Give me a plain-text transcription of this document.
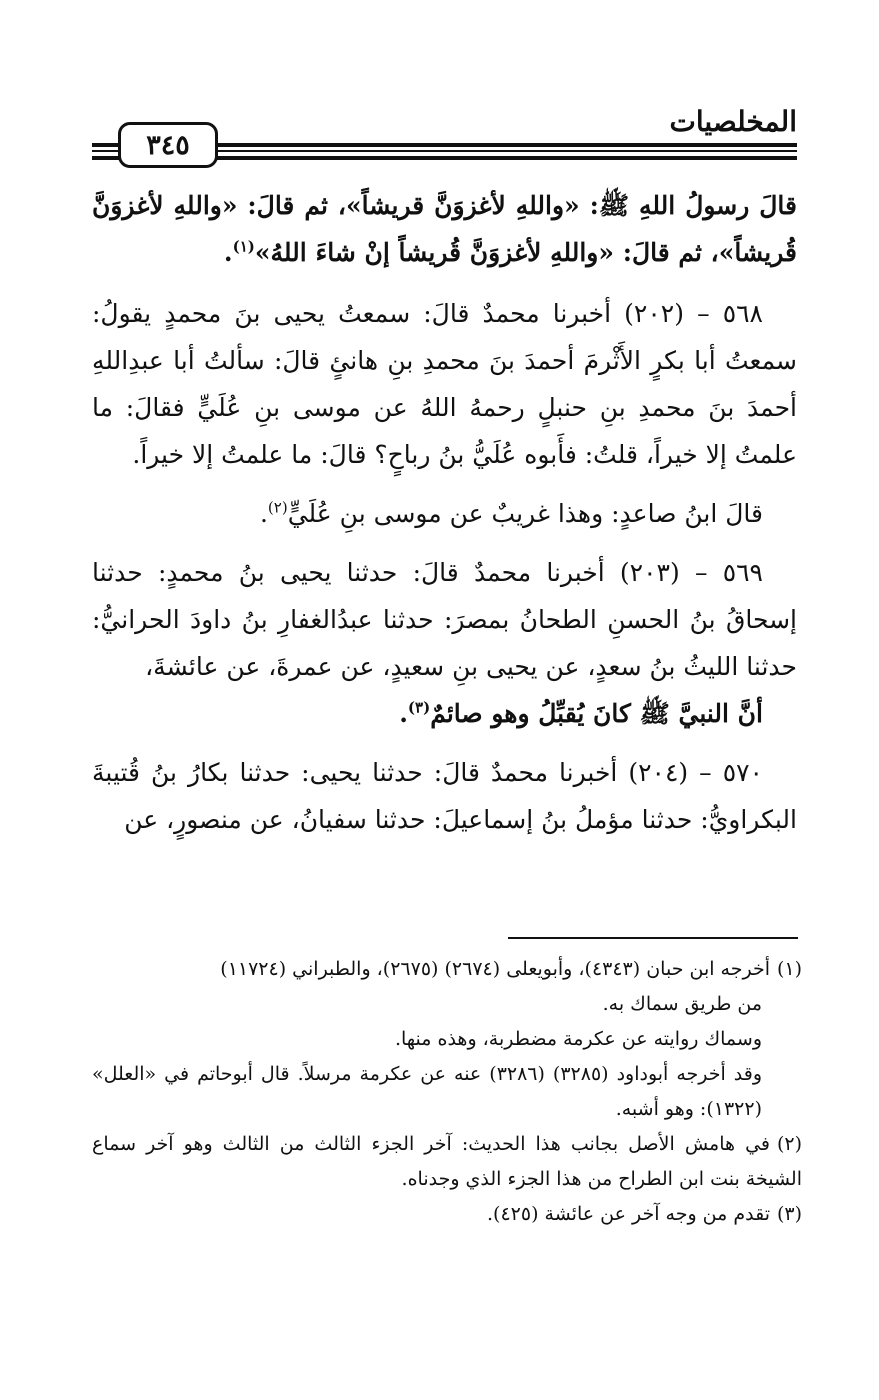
المخلصيات
٣٤٥

قالَ رسولُ اللهِ ﷺ: «واللهِ لأغزوَنَّ قريشاً»، ثم قالَ: «واللهِ لأغزوَنَّ قُريشاً»، ثم قالَ: «واللهِ لأغزوَنَّ قُريشاً إنْ شاءَ اللهُ»$^{(١)}$.

٥٦٨ – (٢٠٢) أخبرنا محمدٌ قالَ: سمعتُ يحيى بنَ محمدٍ يقولُ: سمعتُ أبا بكرٍ الأَثْرمَ أحمدَ بنَ محمدِ بنِ هانئٍ قالَ: سألتُ أبا عبدِاللهِ أحمدَ بنَ محمدِ بنِ حنبلٍ رحمهُ اللهُ عن موسى بنِ عُلَيٍّ فقالَ: ما علمتُ إلا خيراً، قلتُ: فأَبوه عُلَيُّ بنُ رباحٍ؟ قالَ: ما علمتُ إلا خيراً.

قالَ ابنُ صاعدٍ: وهذا غريبٌ عن موسى بنِ عُلَيٍّ$^{(٢)}$.

٥٦٩ – (٢٠٣) أخبرنا محمدٌ قالَ: حدثنا يحيى بنُ محمدٍ: حدثنا إسحاقُ بنُ الحسنِ الطحانُ بمصرَ: حدثنا عبدُالغفارِ بنُ داودَ الحرانيُّ: حدثنا الليثُ بنُ سعدٍ، عن يحيى بنِ سعيدٍ، عن عمرةَ، عن عائشةَ،

أنَّ النبيَّ ﷺ كانَ يُقبِّلُ وهو صائمٌ$^{(٣)}$.

٥٧٠ – (٢٠٤) أخبرنا محمدٌ قالَ: حدثنا يحيى: حدثنا بكارُ بنُ قُتيبةَ البكراويُّ: حدثنا مؤملُ بنُ إسماعيلَ: حدثنا سفيانُ، عن منصورٍ، عن

(١)أخرجه ابن حبان (٤٣٤٣)، وأبويعلى (٢٦٧٤) (٢٦٧٥)، والطبراني (١١٧٢٤)

من طريق سماك به.

وسماك روايته عن عكرمة مضطربة، وهذه منها.

وقد أخرجه أبوداود (٣٢٨٥) (٣٢٨٦) عنه عن عكرمة مرسلاً. قال أبوحاتم في «العلل» (١٣٢٢): وهو أشبه.

(٢)في هامش الأصل بجانب هذا الحديث: آخر الجزء الثالث من الثالث وهو آخر سماع الشيخة بنت ابن الطراح من هذا الجزء الذي وجدناه.

(٣)تقدم من وجه آخر عن عائشة (٤٢٥).
